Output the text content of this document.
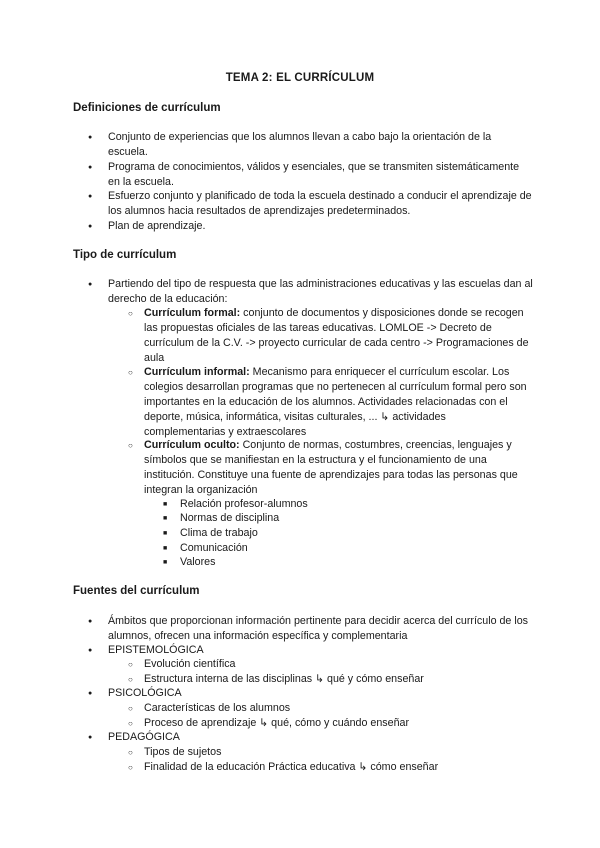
TEMA 2: EL CURRÍCULUM
Definiciones de currículum
● Conjunto de experiencias que los alumnos llevan a cabo bajo la orientación de la escuela.
● Programa de conocimientos, válidos y esenciales, que se transmiten sistemáticamente en la escuela.
● Esfuerzo conjunto y planificado de toda la escuela destinado a conducir el aprendizaje de los alumnos hacia resultados de aprendizajes predeterminados.
● Plan de aprendizaje.
Tipo de currículum
● Partiendo del tipo de respuesta que las administraciones educativas y las escuelas dan al derecho de la educación:
○ Currículum formal: conjunto de documentos y disposiciones donde se recogen las propuestas oficiales de las tareas educativas. LOMLOE -> Decreto de currículum de la C.V. -> proyecto curricular de cada centro -> Programaciones de aula
○ Currículum informal: Mecanismo para enriquecer el currículum escolar. Los colegios desarrollan programas que no pertenecen al currículum formal pero son importantes en la educación de los alumnos. Actividades relacionadas con el deporte, música, informática, visitas culturales, ... ↳ actividades complementarias y extraescolares
○ Currículum oculto: Conjunto de normas, costumbres, creencias, lenguajes y símbolos que se manifiestan en la estructura y el funcionamiento de una institución. Constituye una fuente de aprendizajes para todas las personas que integran la organización
■ Relación profesor-alumnos
■ Normas de disciplina
■ Clima de trabajo
■ Comunicación
■ Valores
Fuentes del currículum
● Ámbitos que proporcionan información pertinente para decidir acerca del currículo de los alumnos, ofrecen una información específica y complementaria
● EPISTEMOLÓGICA
○ Evolución científica
○ Estructura interna de las disciplinas ↳ qué y cómo enseñar
● PSICOLÓGICA
○ Características de los alumnos
○ Proceso de aprendizaje ↳ qué, cómo y cuándo enseñar
● PEDAGÓGICA
○ Tipos de sujetos
○ Finalidad de la educación Práctica educativa ↳ cómo enseñar
